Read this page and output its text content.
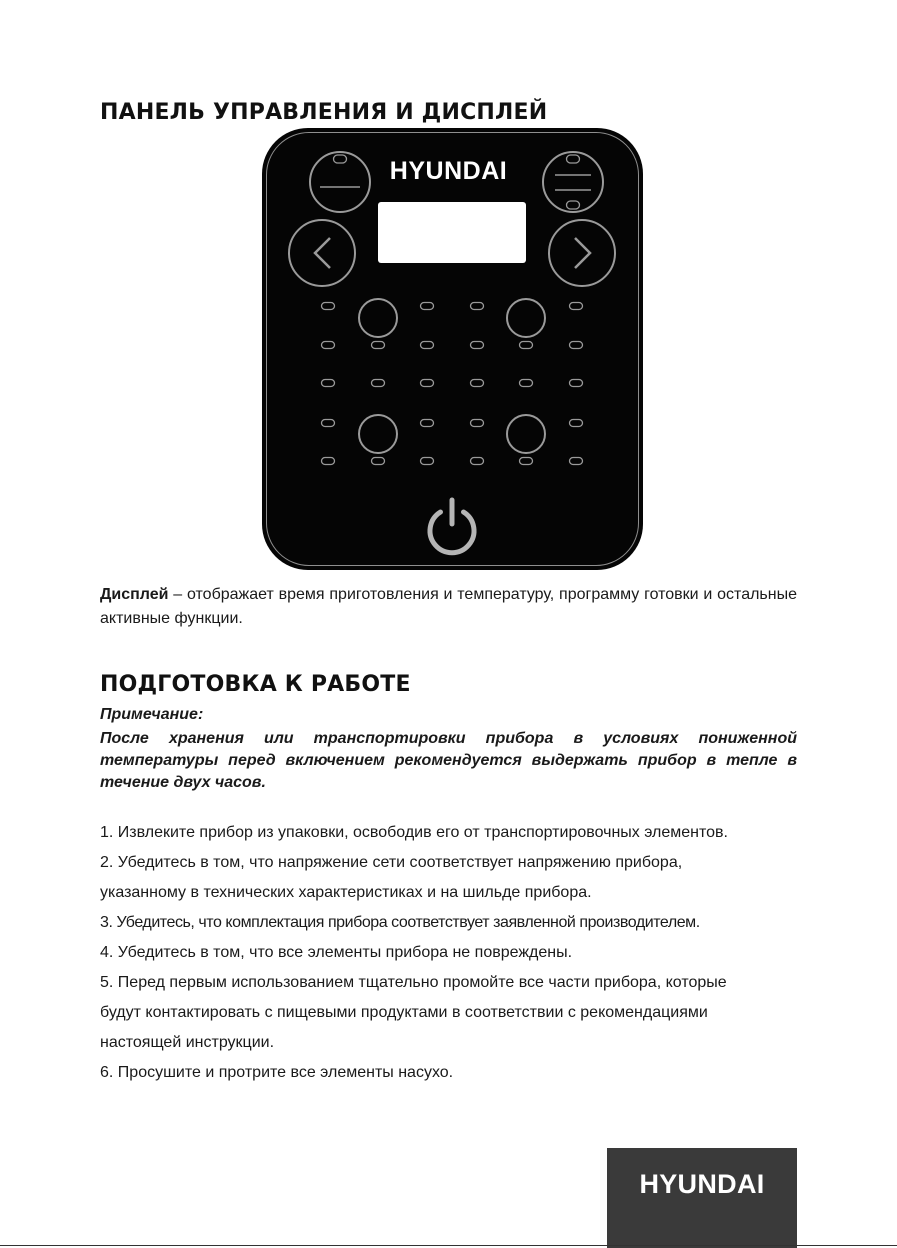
ПАНЕЛЬ УПРАВЛЕНИЯ И ДИСПЛЕЙ
HYUNDAI

Дисплей – отображает время приготовления и температуру, программу готовки и остальные активные функции.

ПОДГОТОВКА К РАБОТЕ

Примечание:

После хранения или транспортировки прибора в условиях пониженной температуры перед включением рекомендуется выдержать прибор в тепле в течение двух часов.

1. Извлеките прибор из упаковки, освободив его от транспортировочных элементов.

2. Убедитесь в том, что напряжение сети соответствует напряжению прибора,

указанному в технических характеристиках и на шильде прибора.

3. Убедитесь, что комплектация прибора соответствует заявленной производителем.

4. Убедитесь в том, что все элементы прибора не повреждены.

5. Перед первым использованием тщательно промойте все части прибора, которые

будут контактировать с пищевыми продуктами в соответствии с рекомендациями

настоящей инструкции.

6. Просушите и протрите все элементы насухо.

HYUNDAI
